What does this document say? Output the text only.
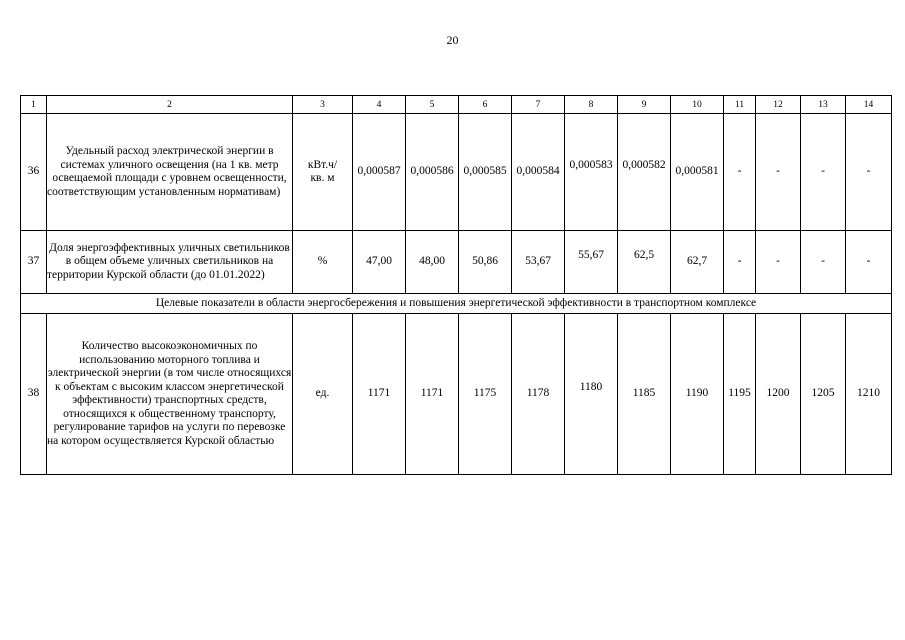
20
1	2	3	4	5	6	7	8	9	10	11	12	13	14
36	Удельный расход электрической энергии в системах уличного освещения (на 1 кв. метр освещаемой площади с уровнем освещенности, соответствующим установленным нормативам)	кВт.ч/
кв. м	0,000587	0,000586	0,000585	0,000584	0,000583	0,000582	0,000581	-	-	-	-
37	Доля энергоэффективных уличных светильников в общем объеме уличных светильников на территории Курской области (до 01.01.2022)	%	47,00	48,00	50,86	53,67	55,67	62,5	62,7	-	-	-	-
Целевые показатели в области энергосбережения и повышения энергетической эффективности в транспортном комплексе													
38	Количество высокоэкономичных по использованию моторного топлива и электрической энергии (в том числе относящихся к объектам с высоким классом энергетической эффективности) транспортных средств, относящихся к общественному транспорту, регулирование тарифов на услуги по перевозке на котором осуществляется Курской областью	ед.	1171	1171	1175	1178	1180	1185	1190	1195	1200	1205	1210
